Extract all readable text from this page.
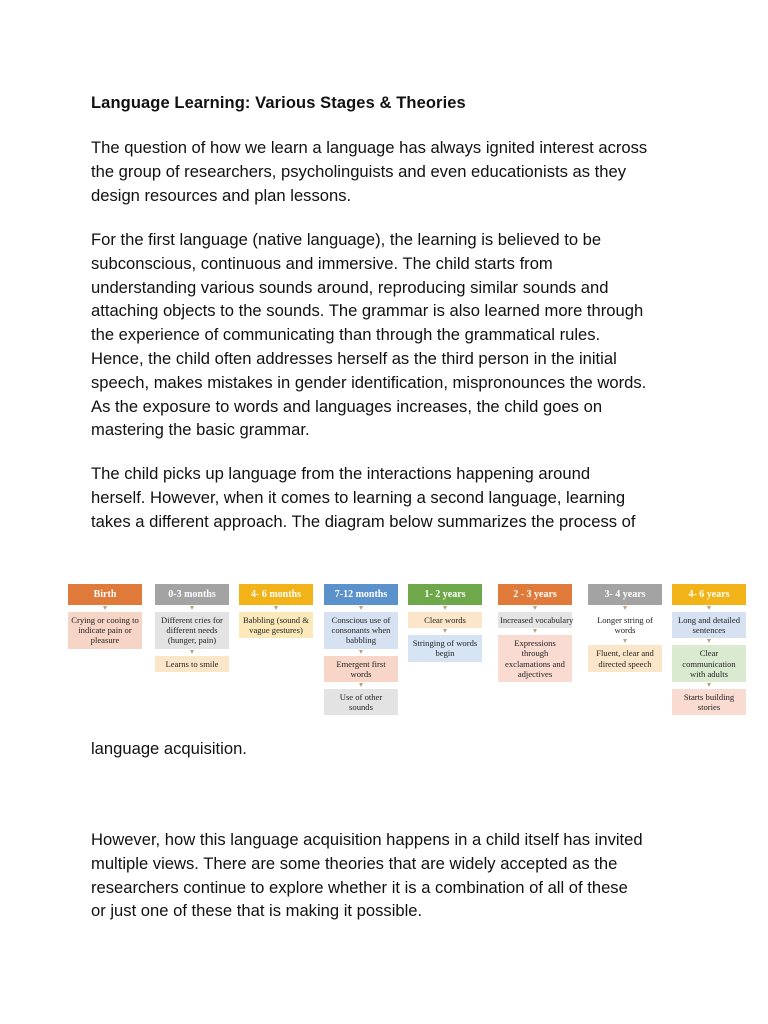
Language Learning: Various Stages & Theories
The question of how we learn a language has always ignited interest across
the group of researchers, psycholinguists and even educationists as they
design resources and plan lessons.
For the first language (native language), the learning is believed to be
subconscious, continuous and immersive. The child starts from
understanding various sounds around, reproducing similar sounds and
attaching objects to the sounds. The grammar is also learned more through
the experience of communicating than through the grammatical rules.
Hence, the child often addresses herself as the third person in the initial
speech, makes mistakes in gender identification, mispronounces the words.
As the exposure to words and languages increases, the child goes on
mastering the basic grammar.
The child picks up language from the interactions happening around
herself. However, when it comes to learning a second language, learning
takes a different approach. The diagram below summarizes the process of
Birth
Crying or cooing to
indicate pain or
pleasure
0-3 months
Different cries for
different needs
(hunger, pain)
Learns to smile
4- 6 months
Babbling (sound &
vague gestures)
7-12 months
Conscious use of
consonants when
babbling
Emergent first
words
Use of other
sounds
1- 2 years
Clear words
Stringing of words
begin
2 - 3 years
Increased vocabulary
Expressions
through
exclamations and
adjectives
3- 4 years
Longer string of
words
Fluent, clear and
directed speech
4- 6 years
Long and detailed
sentences
Clear
communication
with adults
Starts building
stories
language acquisition.
However, how this language acquisition happens in a child itself has invited
multiple views. There are some theories that are widely accepted as the
researchers continue to explore whether it is a combination of all of these
or just one of these that is making it possible.
